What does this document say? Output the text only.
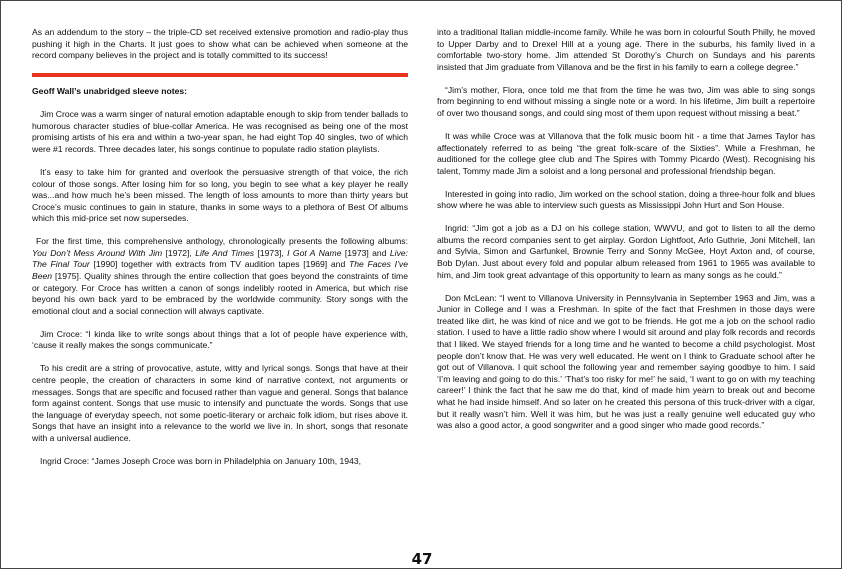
As an addendum to the story – the triple-CD set received extensive promotion and radio-play thus pushing it high in the Charts. It just goes to show what can be achieved when someone at the record company believes in the project and is totally committed to its success!

Geoff Wall’s unabridged sleeve notes:

Jim Croce was a warm singer of natural emotion adaptable enough to skip from tender ballads to humorous character studies of blue-collar America. He was recognised as being one of the most promising artists of his era and within a two-year span, he had eight Top 40 singles, two of which were #1 records. Three decades later, his songs continue to populate radio station playlists.

It’s easy to take him for granted and overlook the persuasive strength of that voice, the rich colour of those songs. After losing him for so long, you begin to see what a key player he really was...and how much he’s been missed. The length of loss amounts to more than thirty years but Croce’s music continues to gain in stature, thanks in some ways to a plethora of Best Of albums which this mid-price set now supersedes.

For the first time, this comprehensive anthology, chronologically presents the following albums: You Don’t Mess Around With Jim [1972], Life And Times [1973], I Got A Name [1973] and Live: The Final Tour [1990] together with extracts from TV audition tapes [1969] and The Faces I’ve Been [1975]. Quality shines through the entire collection that goes beyond the constraints of time or category. For Croce has written a canon of songs indelibly rooted in America, but which rise beyond his own back yard to be embraced by the worldwide community. Story songs with the emotional clout and a social connection will always captivate.

Jim Croce: “I kinda like to write songs about things that a lot of people have experience with, ‘cause it really makes the songs communicate.”

To his credit are a string of provocative, astute, witty and lyrical songs. Songs that have at their centre people, the creation of characters in some kind of narrative context, not arguments or messages. Songs that are specific and focused rather than vague and general. Songs that balance form against content. Songs that use music to intensify and punctuate the words. Songs that use the language of everyday speech, not some poetic-literary or archaic folk idiom, but rises above it. Songs that have an insight into a relevance to the world we live in. In short, songs that resonate with a universal audience.

Ingrid Croce: “James Joseph Croce was born in Philadelphia on January 10th, 1943,

into a traditional Italian middle-income family. While he was born in colourful South Philly, he moved to Upper Darby and to Drexel Hill at a young age. There in the suburbs, his family lived in a comfortable two-story home. Jim attended St Dorothy’s Church on Sundays and his parents insisted that Jim graduate from Villanova and be the first in his family to earn a college degree.”

“Jim’s mother, Flora, once told me that from the time he was two, Jim was able to sing songs from beginning to end without missing a single note or a word. In his lifetime, Jim built a repertoire of over two thousand songs, and could sing most of them upon request without missing a beat.”

It was while Croce was at Villanova that the folk music boom hit - a time that James Taylor has affectionately referred to as being “the great folk-scare of the Sixties”. While a Freshman, he auditioned for the college glee club and The Spires with Tommy Picardo (West). Recognising his talent, Tommy made Jim a soloist and a long personal and professional friendship began.

Interested in going into radio, Jim worked on the school station, doing a three-hour folk and blues show where he was able to interview such guests as Mississippi John Hurt and Son House.

Ingrid: “Jim got a job as a DJ on his college station, WWVU, and got to listen to all the demo albums the record companies sent to get airplay. Gordon Lightfoot, Arlo Guthrie, Joni Mitchell, Ian and Sylvia, Simon and Garfunkel, Brownie Terry and Sonny McGee, Hoyt Axton and, of course, Bob Dylan. Just about every fold and popular album released from 1961 to 1965 was available to him, and Jim took great advantage of this opportunity to learn as many songs as he could.”

Don McLean: “I went to Villanova University in Pennsylvania in September 1963 and Jim, was a Junior in College and I was a Freshman. In spite of the fact that Freshmen in those days were treated like dirt, he was kind of nice and we got to be friends. He got me a job on the school radio station. I used to have a little radio show where I would sit around and play folk records and records that I liked. We stayed friends for a long time and he wanted to become a child psychologist. Most people don’t know that. He was very well educated. He went on I think to Graduate school after he got out of Villanova. I quit school the following year and remember saying goodbye to him. I said ‘I’m leaving and going to do this.’ ‘That’s too risky for me!’ he said, ‘I want to go on with my teaching career!’ I think the fact that he saw me do that, kind of made him yearn to break out and become what he had inside himself. And so later on he created this persona of this truck-driver with a cigar, but it really wasn’t him. Well it was him, but he was just a really genuine well educated guy who was also a good actor, a good songwriter and a good singer who made good records.”

47
